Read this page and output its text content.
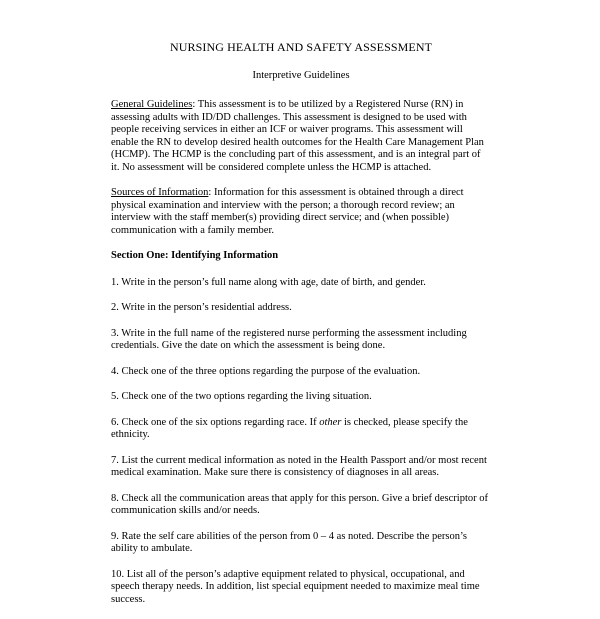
NURSING HEALTH AND SAFETY ASSESSMENT
Interpretive Guidelines

General Guidelines: This assessment is to be utilized by a Registered Nurse (RN) in assessing adults with ID/DD challenges. This assessment is designed to be used with people receiving services in either an ICF or waiver programs. This assessment will enable the RN to develop desired health outcomes for the Health Care Management Plan (HCMP). The HCMP is the concluding part of this assessment, and is an integral part of it. No assessment will be considered complete unless the HCMP is attached.

Sources of Information: Information for this assessment is obtained through a direct physical examination and interview with the person; a thorough record review; an interview with the staff member(s) providing direct service; and (when possible) communication with a family member.

Section One: Identifying Information

1. Write in the person’s full name along with age, date of birth, and gender.

2. Write in the person’s residential address.

3. Write in the full name of the registered nurse performing the assessment including credentials. Give the date on which the assessment is being done.

4. Check one of the three options regarding the purpose of the evaluation.

5. Check one of the two options regarding the living situation.

6. Check one of the six options regarding race. If other is checked, please specify the ethnicity.

7. List the current medical information as noted in the Health Passport and/or most recent medical examination. Make sure there is consistency of diagnoses in all areas.

8. Check all the communication areas that apply for this person. Give a brief descriptor of communication skills and/or needs.

9. Rate the self care abilities of the person from 0 – 4 as noted. Describe the person’s ability to ambulate.

10. List all of the person’s adaptive equipment related to physical, occupational, and speech therapy needs. In addition, list special equipment needed to maximize meal time success.
